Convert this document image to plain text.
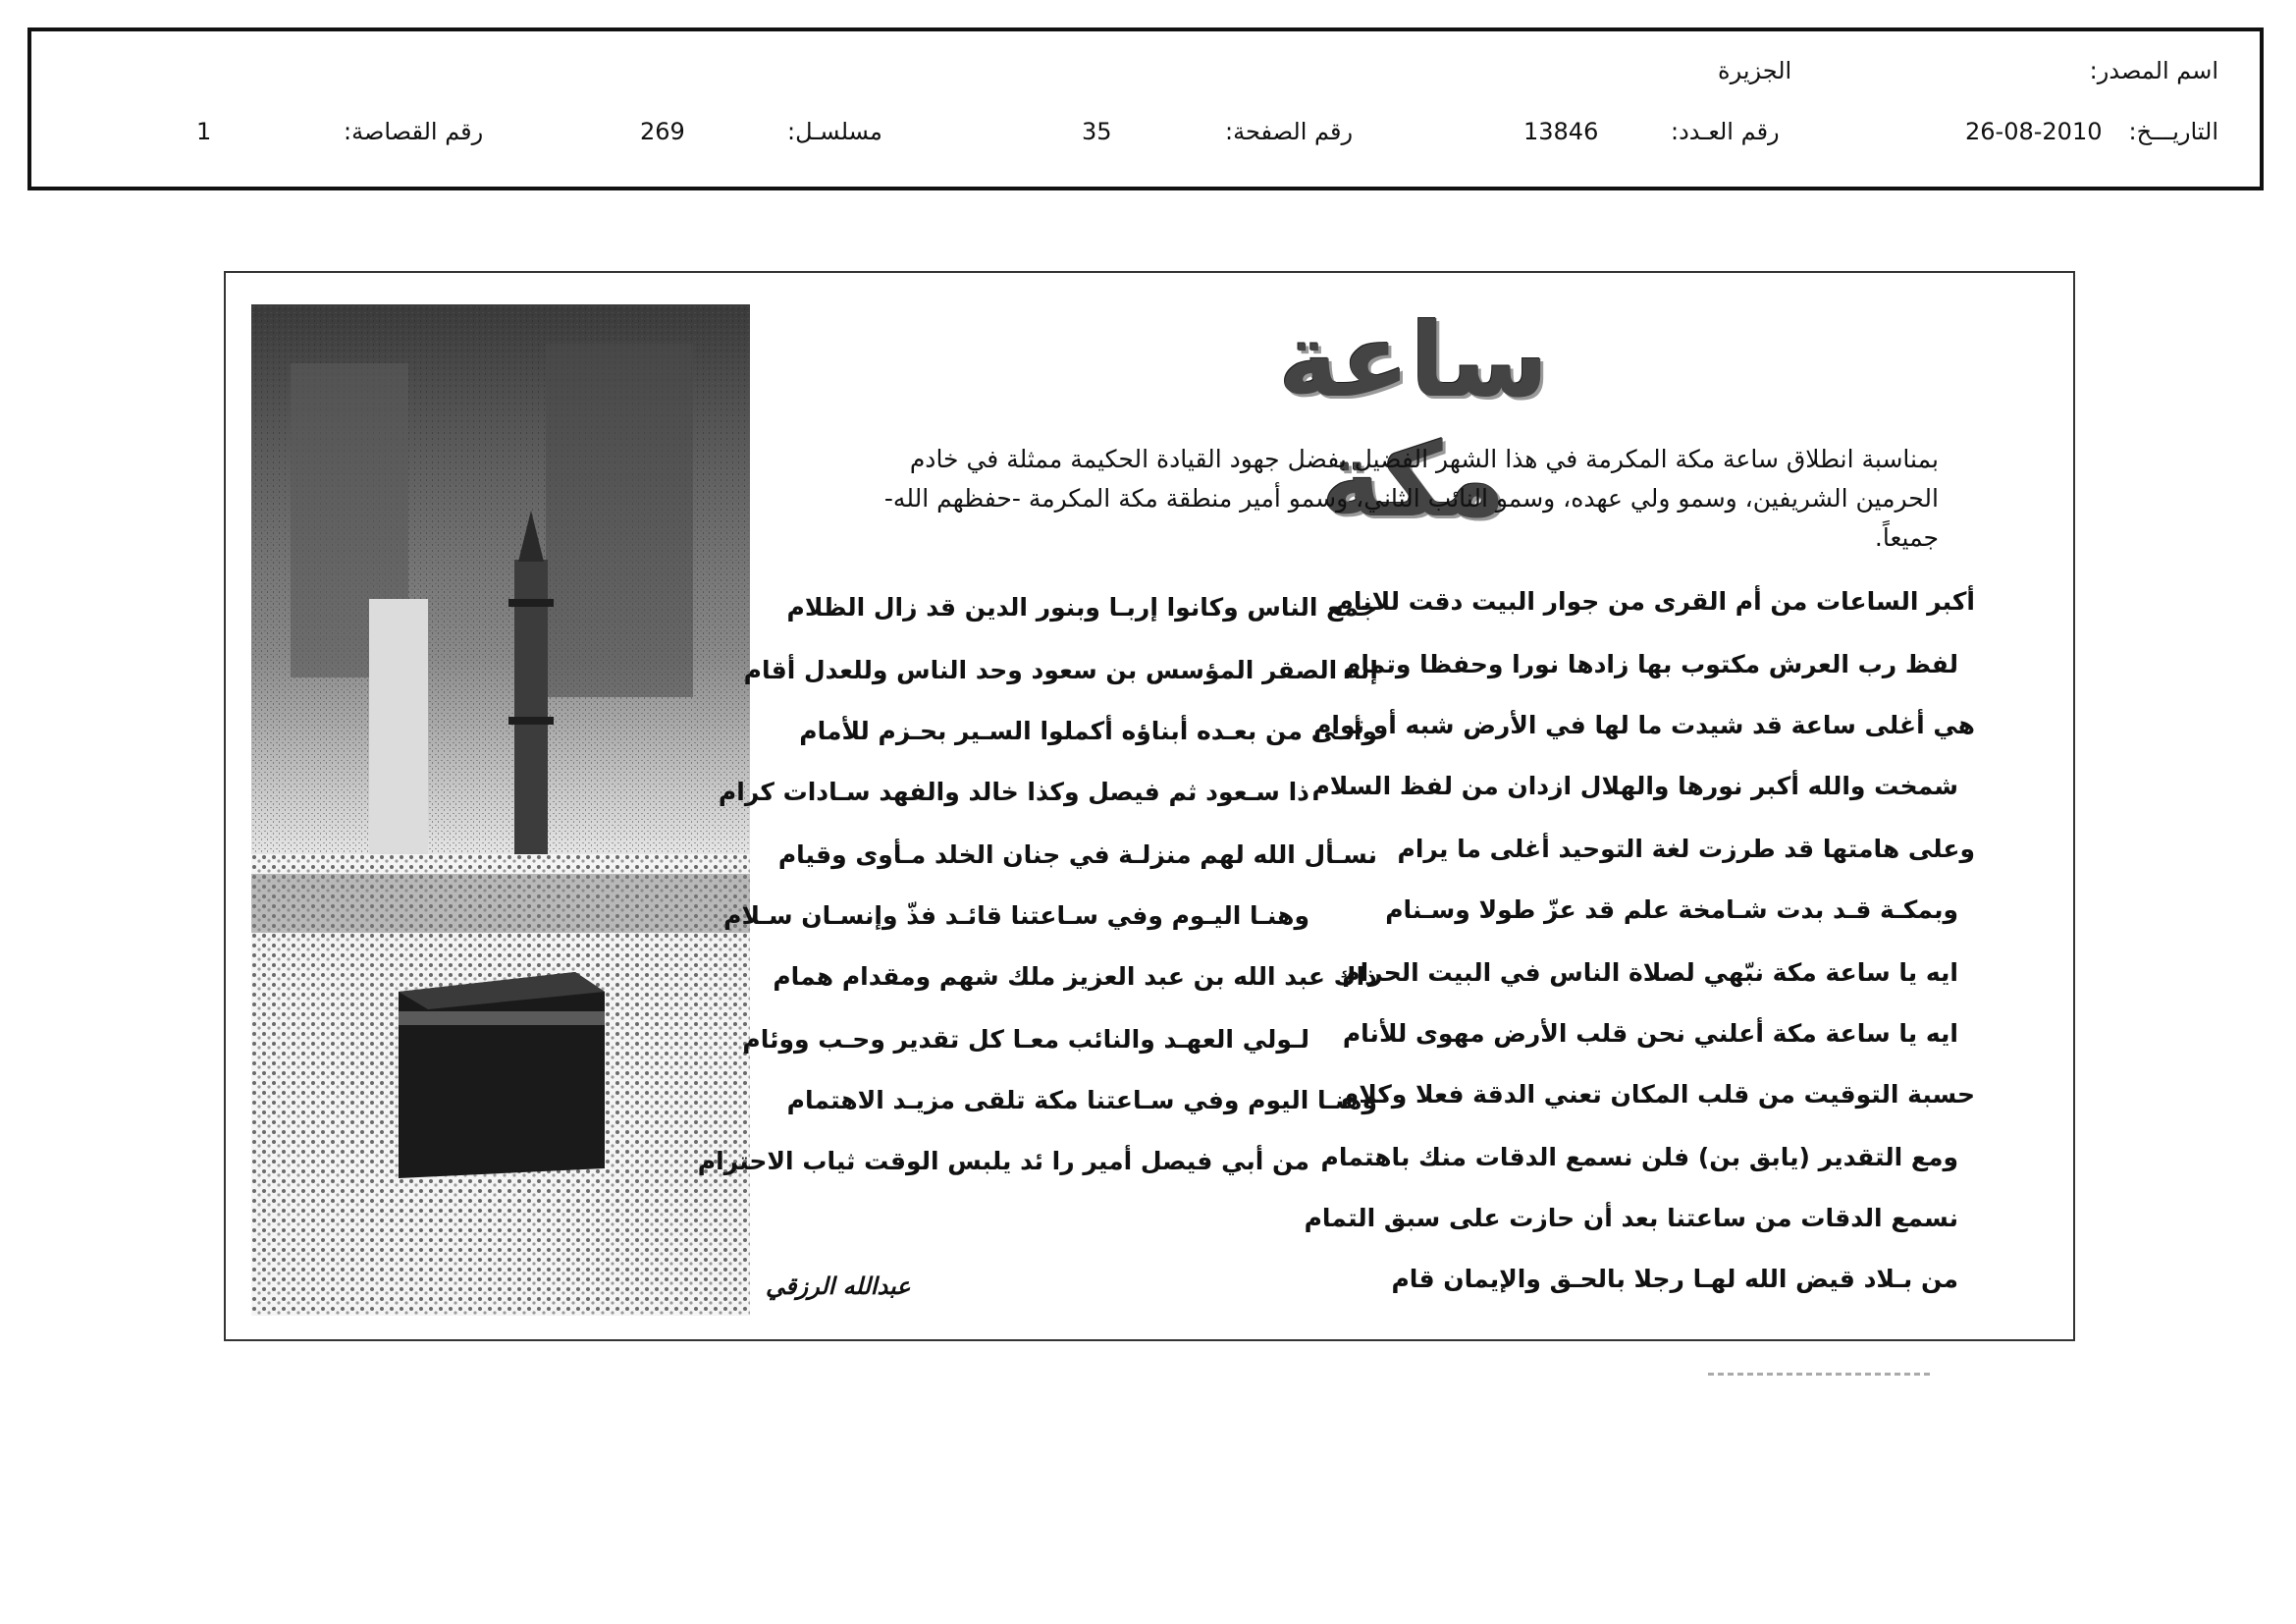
اسم المصدر:
الجزيرة
التاريـــخ:
26-08-2010
رقم العـدد:
13846
رقم الصفحة:
35
مسلسـل:
269
رقم القصاصة:
1
ساعة مكة
بمناسبة انطلاق ساعة مكة المكرمة في هذا الشهر الفضيل بفضل جهود القيادة الحكيمة ممثلة في خادم الحرمين الشريفين، وسمو ولي عهده، وسمو النائب الثاني، وسمو أمير منطقة مكة المكرمة -حفظهم الله- جميعاً.
أكبر الساعات من أم القرى من جوار البيت دقت للانام
لفظ رب العرش مكتوب بها زادها نورا وحفظا وتمام
هي أغلى ساعة قد شيدت ما لها في الأرض شبه أو توام
شمخت والله أكبر نورها والهلال ازدان من لفظ السلام
وعلى هامتها قد طرزت لغة التوحيد أغلى ما يرام
وبمكـة قـد بدت شـامخة علم قد عزّ طولا وسـنام
ايه يا ساعة مكة نبّهي لصلاة الناس في البيت الحرام
ايه يا ساعة مكة أعلني نحن قلب الأرض مهوى للأنام
حسبة التوقيت من قلب المكان تعني الدقة فعلا وكلام
ومع التقدير (يابق بن) فلن نسمع الدقات منك باهتمام
نسمع الدقات من ساعتنا بعد أن حازت على سبق التمام
من بـلاد قيض الله لهـا رجلا بالحـق والإيمان قام
جمع الناس وكانوا إربـا وبنور الدين قد زال الظلام
إنه الصقر المؤسس بن سعود وحد الناس وللعدل أقام
وأتـى من بعـده أبناؤه أكملوا السـير بحـزم للأمام
ذا سـعود ثم فيصل وكذا خالد والفهد سـادات كرام
نسـأل الله لهم منزلـة في جنان الخلد مـأوى وقيام
وهنـا اليـوم وفي سـاعتنا قائـد فذّ وإنسـان سـلام
ذاك عبد الله بن عبد العزيز ملك شهم ومقدام همام
لـولي العهـد والنائب معـا كل تقدير وحـب ووئام
وهنـا اليوم وفي سـاعتنا مكة تلقى مزيـد الاهتمام
من أبي فيصل أمير را ئد يلبس الوقت ثياب الاحترام
عبدالله الرزقي
